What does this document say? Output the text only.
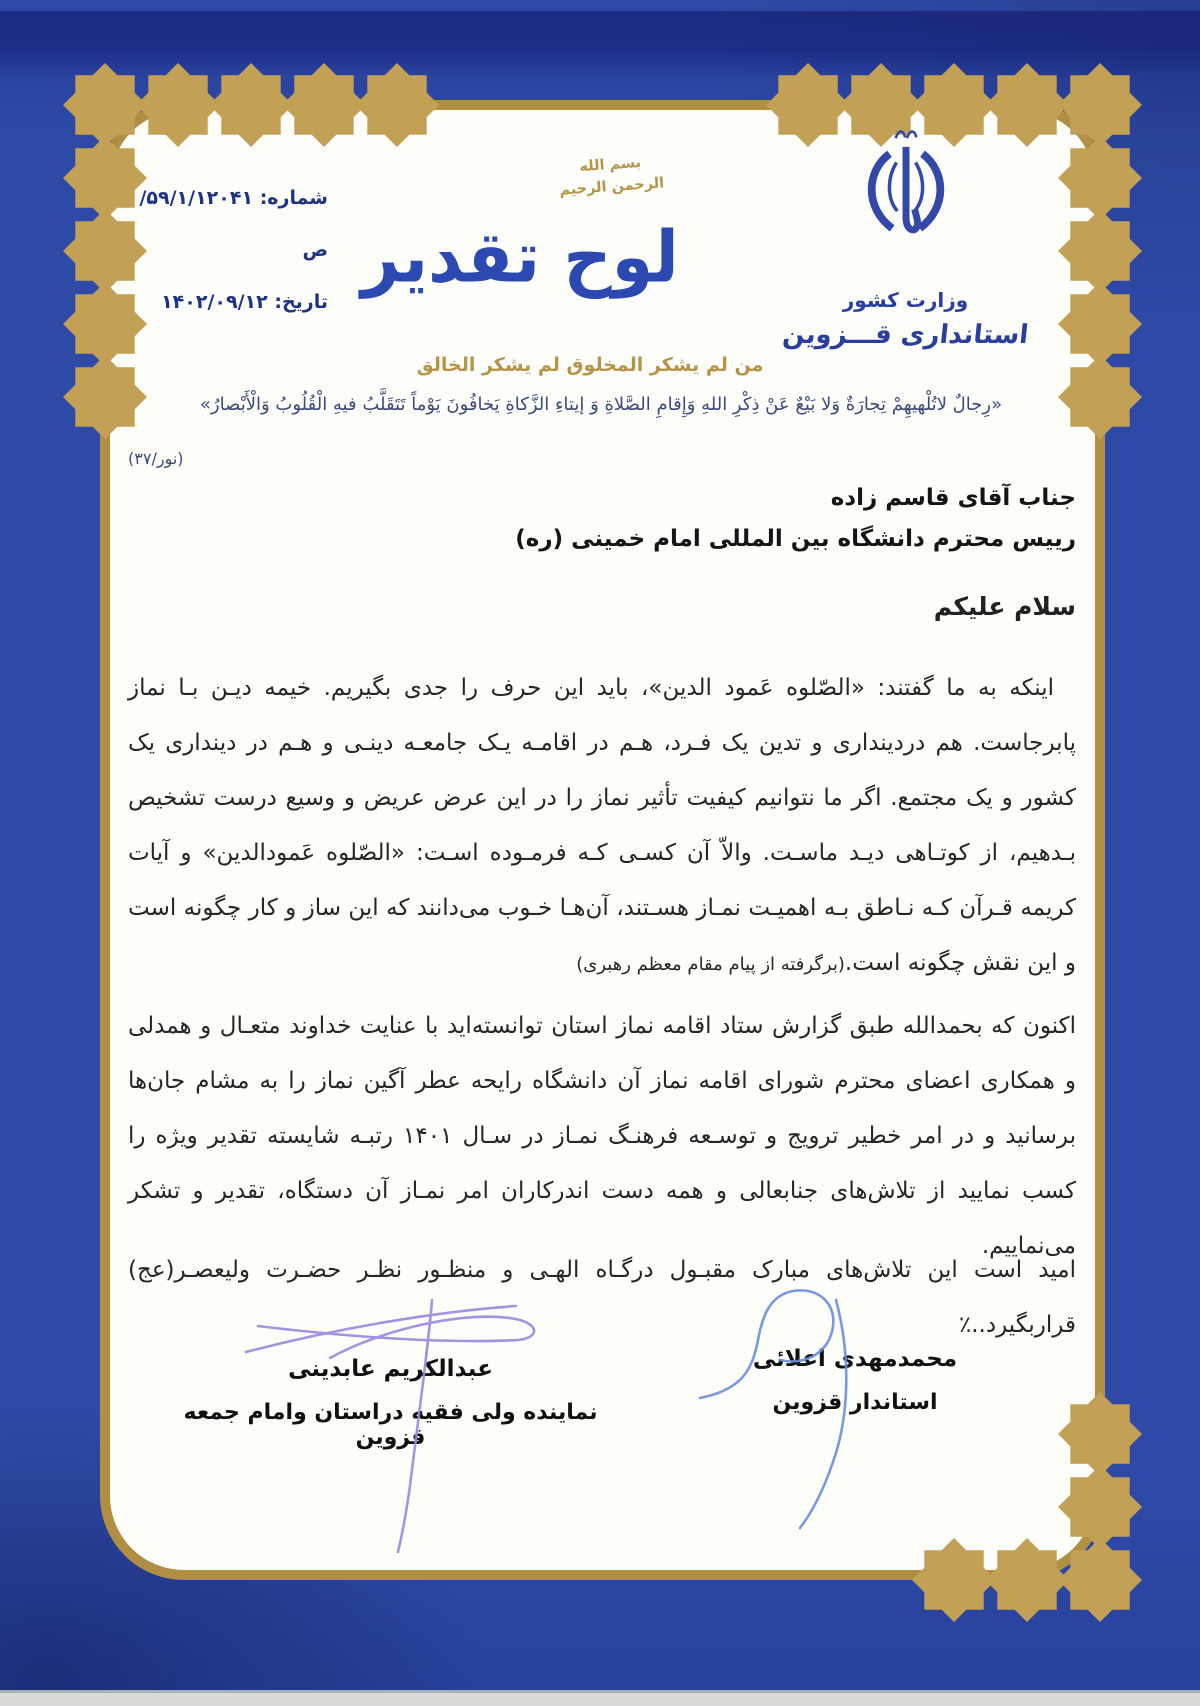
شماره: ۵۹/۱/۱۲۰۴۱/ص
تاریخ: ۱۴۰۲/۰۹/۱۲
بسم الله الرحمن الرحیم
لوح تقدیر
من لم یشکر المخلوق لم یشکر الخالق
وزارت کشور
استانداری قـــزوین
«رِجالٌ لاتُلْهیهِمْ تِجارَةٌ وَلا بَیْعٌ عَنْ ذِکْرِ اللهِ وَإِقامِ الصَّلاةِ وَ إیتاءِ الزَّکاةِ یَخافُونَ یَوْماً تَتَقَلَّبُ فیهِ الْقُلُوبُ وَالْأَبْصارُ»
(نور/۳۷)
جناب آقای قاسم زاده
رییس محترم دانشگاه بین المللی امام خمینی (ره)
سلام علیکم

اینکه به ما گفتند: «الصّلوه عَمود الدین»، باید این حرف را جدی بگیریم. خیمه دیـن بـا نماز پابرجاست. هم دردینداری و تدین یک فـرد، هـم در اقامـه یـک جامعـه دینـی و هـم در دینداری یک کشور و یک مجتمع. اگر ما نتوانیم کیفیت تأثیر نماز را در این عرض عریض و وسیع درست تشخیص بـدهیم، از کوتـاهی دیـد ماسـت. والاّ آن کسـی کـه فرمـوده اسـت: «الصّلوه عَمودالدین» و آیات کریمه قـرآن کـه نـاطق بـه اهمیـت نمـاز هسـتند، آن‌هـا خـوب می‌دانند که این ساز و کار چگونه است و این نقش چگونه است.(برگرفته از پیام مقام معظم رهبری)

اکنون که بحمدالله طبق گزارش ستاد اقامه نماز استان توانسته‌اید با عنایت خداوند متعـال و همدلی و همکاری اعضای محترم شورای اقامه نماز آن دانشگاه رایحه عطر آگین نماز را به مشام جان‌ها برسانید و در امر خطیر ترویج و توسـعه فرهنـگ نمـاز در سـال ۱۴۰۱ رتبـه شایسته تقدیر ویژه را کسب نمایید از تلاش‌های جنابعالی و همه دست اندرکاران امر نمـاز آن دستگاه، تقدیر و تشکر می‌نماییم.

امید است این تلاش‌های مبارک مقبـول درگـاه الهـی و منظـور نظـر حضـرت ولیعصـر(عج) قراربگیرد..٪

محمدمهدی اعلائی
استاندار قزوین
عبدالکریم عابدینی
نماینده ولی فقیه دراستان وامام جمعه قزوین
